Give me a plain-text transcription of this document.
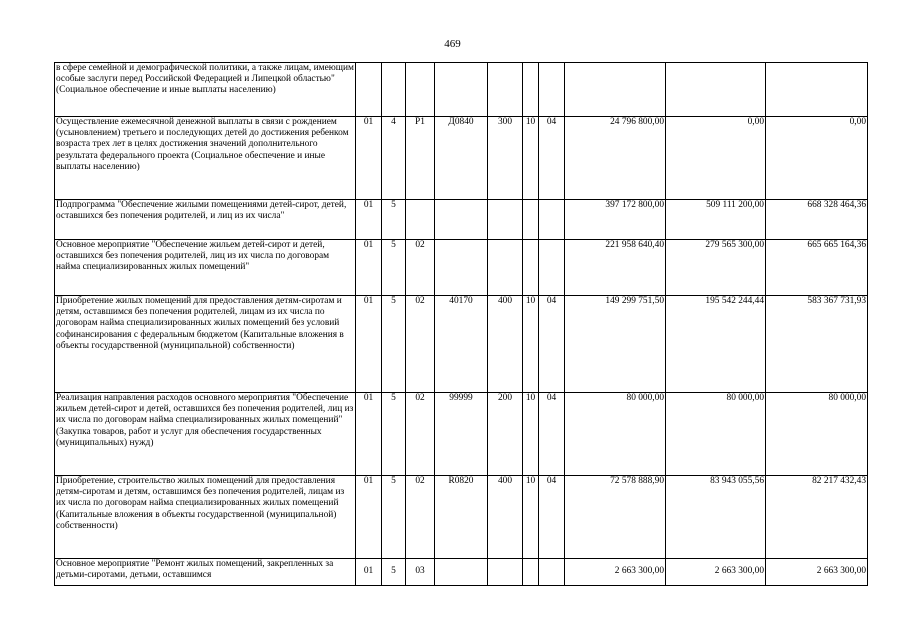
469
в сфере семейной и демографической политики, а также лицам, имеющим особые заслуги перед Российской Федерацией и Липецкой областью" (Социальное обеспечение и иные выплаты населению)										
Осуществление ежемесячной денежной выплаты в связи с рождением (усыновлением) третьего и последующих детей до достижения ребенком возраста трех лет в целях достижения значений дополнительного результата федерального проекта (Социальное обеспечение и иные выплаты населению)	01	4	Р1	Д0840	300	10	04	24 796 800,00	0,00	0,00
Подпрограмма "Обеспечение жилыми помещениями детей-сирот, детей, оставшихся без попечения родителей, и лиц из их числа"	01	5						397 172 800,00	509 111 200,00	668 328 464,36
Основное мероприятие "Обеспечение жильем детей-сирот и детей, оставшихся без попечения родителей, лиц из их числа по договорам найма специализированных жилых помещений"	01	5	02					221 958 640,40	279 565 300,00	665 665 164,36
Приобретение жилых помещений для предоставления детям-сиротам и детям, оставшимся без попечения родителей, лицам из их числа по договорам найма специализированных жилых помещений без условий софинансирования с федеральным бюджетом (Капитальные вложения в объекты государственной (муниципальной) собственности)	01	5	02	40170	400	10	04	149 299 751,50	195 542 244,44	583 367 731,93
Реализация направления расходов основного мероприятия "Обеспечение жильем детей-сирот и детей, оставшихся без попечения родителей, лиц из их числа по договорам найма специализированных жилых помещений" (Закупка товаров, работ и услуг для обеспечения государственных (муниципальных) нужд)	01	5	02	99999	200	10	04	80 000,00	80 000,00	80 000,00
Приобретение, строительство жилых помещений для предоставления детям-сиротам и детям, оставшимся без попечения родителей, лицам из их числа по договорам найма специализированных жилых помещений (Капитальные вложения в объекты государственной (муниципальной) собственности)	01	5	02	R0820	400	10	04	72 578 888,90	83 943 055,56	82 217 432,43
Основное мероприятие "Ремонт жилых помещений, закрепленных за детьми-сиротами, детьми, оставшимся	01	5	03					2 663 300,00	2 663 300,00	2 663 300,00
